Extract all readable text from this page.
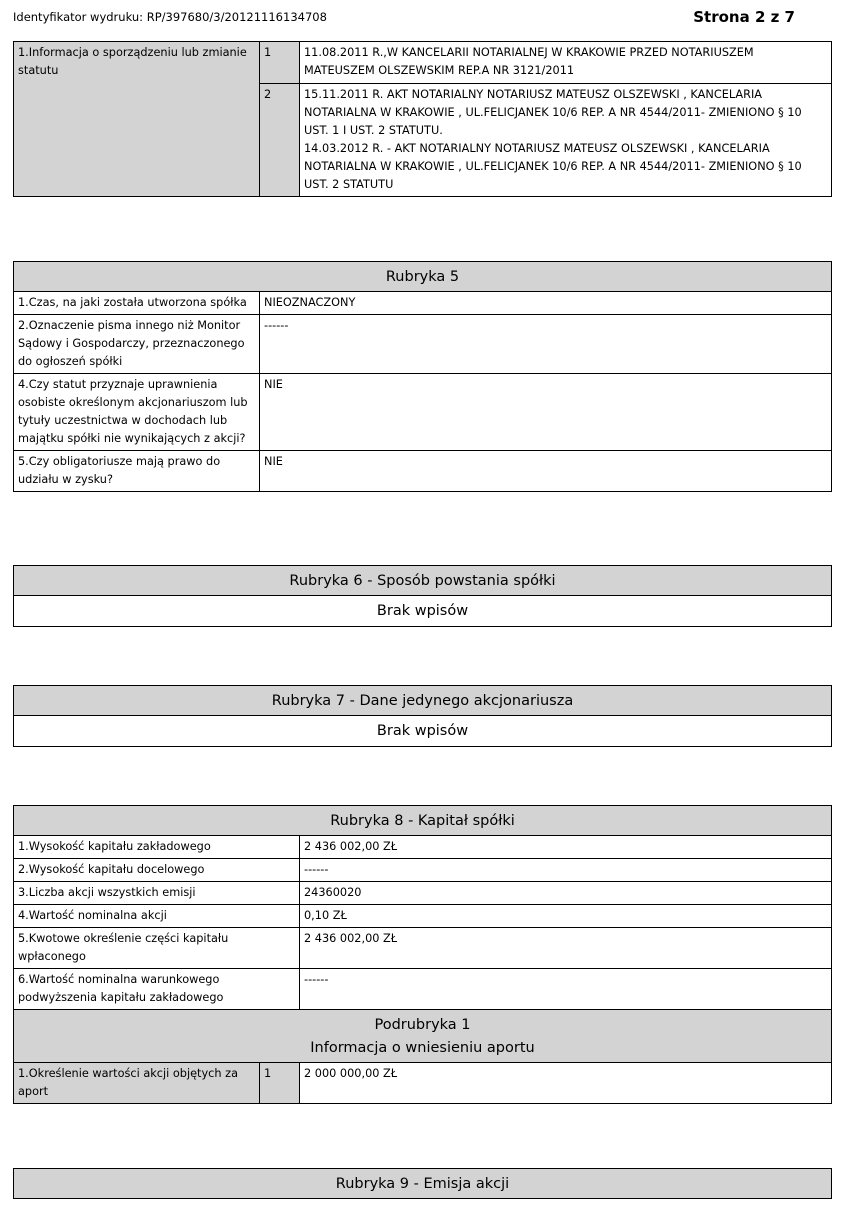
Identyfikator wydruku: RP/397680/3/20121116134708	Strona 2 z 7
1.Informacja o sporządzeniu lub zmianie statutu	1	11.08.2011 R.,W KANCELARII NOTARIALNEJ W KRAKOWIE PRZED NOTARIUSZEM MATEUSZEM OLSZEWSKIM REP.A NR 3121/2011
	2	15.11.2011 R. AKT NOTARIALNY NOTARIUSZ MATEUSZ OLSZEWSKI , KANCELARIA NOTARIALNA W KRAKOWIE , UL.FELICJANEK 10/6 REP. A NR 4544/2011- ZMIENIONO § 10 UST. 1 I UST. 2 STATUTU.
14.03.2012 R. - AKT NOTARIALNY NOTARIUSZ MATEUSZ OLSZEWSKI , KANCELARIA NOTARIALNA W KRAKOWIE , UL.FELICJANEK 10/6 REP. A NR 4544/2011- ZMIENIONO § 10 UST. 2 STATUTU
Rubryka 5	
1.Czas, na jaki została utworzona spółka	NIEOZNACZONY
2.Oznaczenie pisma innego niż Monitor Sądowy i Gospodarczy, przeznaczonego do ogłoszeń spółki	------
4.Czy statut przyznaje uprawnienia osobiste określonym akcjonariuszom lub tytuły uczestnictwa w dochodach lub majątku spółki nie wynikających z akcji?	NIE
5.Czy obligatoriusze mają prawo do udziału w zysku?	NIE
Rubryka 6 - Sposób powstania spółki
Brak wpisów
Rubryka 7 - Dane jedynego akcjonariusza
Brak wpisów
Rubryka 8 - Kapitał spółki		
1.Wysokość kapitału zakładowego		2 436 002,00 ZŁ
2.Wysokość kapitału docelowego		------
3.Liczba akcji wszystkich emisji		24360020
4.Wartość nominalna akcji		0,10 ZŁ
5.Kwotowe określenie części kapitału wpłaconego		2 436 002,00 ZŁ
6.Wartość nominalna warunkowego podwyższenia kapitału zakładowego		------

Podrubryka 1
Informacja o wniesieniu aportu		

1.Określenie wartości akcji objętych za aport	1	2 000 000,00 ZŁ
Rubryka 9 - Emisja akcji
